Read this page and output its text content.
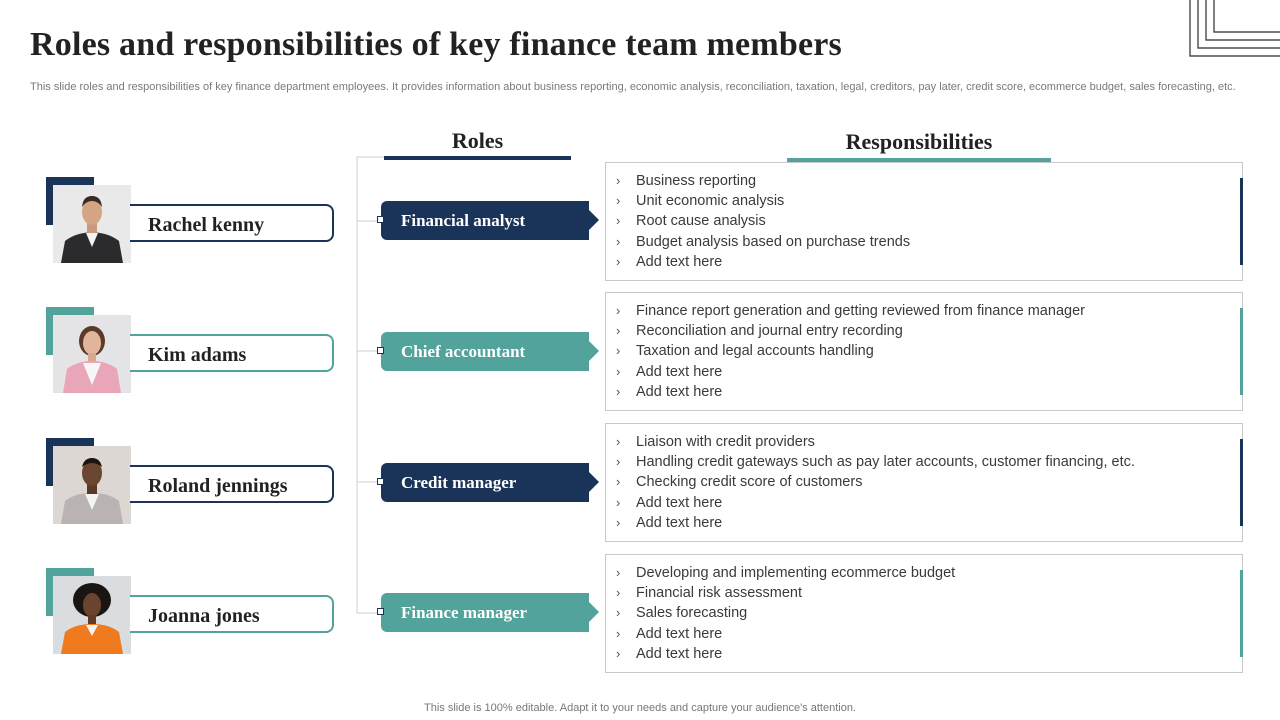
Roles and responsibilities of key finance team members
This slide roles and responsibilities of key finance department employees. It provides information about business reporting, economic analysis, reconciliation, taxation, legal, creditors, pay later, credit score, ecommerce budget, sales forecasting, etc.
Roles	Responsibilities
Rachel kenny
Kim adams
Roland jennings
Joanna jones
Financial analyst
Chief accountant
Credit manager
Finance manager
› Business reporting
› Unit economic analysis
› Root cause analysis
› Budget analysis based on purchase trends
› Add text here
› Finance report generation and getting reviewed from finance manager
› Reconciliation and journal entry recording
› Taxation and legal accounts handling
› Add text here
› Add text here
› Liaison with credit providers
› Handling credit gateways such as pay later accounts, customer financing, etc.
› Checking credit score of customers
› Add text here
› Add text here
› Developing and implementing ecommerce budget
› Financial risk assessment
› Sales forecasting
› Add text here
› Add text here
This slide is 100% editable. Adapt it to your needs and capture your audience's attention.
